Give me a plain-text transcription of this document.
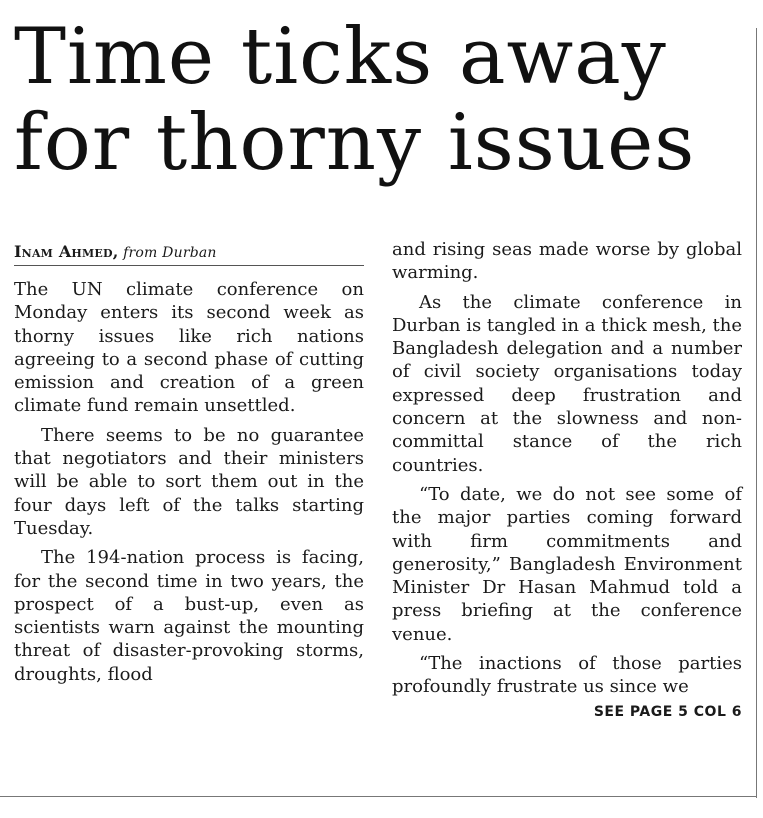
Time ticks away
for thorny issues
Inam Ahmed, from Durban

The UN climate conference on Monday enters its second week as thorny issues like rich nations agreeing to a second phase of cutting emission and creation of a green climate fund remain unsettled.

There seems to be no guarantee that negotiators and their ministers will be able to sort them out in the four days left of the talks starting Tuesday.

The 194-nation process is facing, for the second time in two years, the prospect of a bust-up, even as scientists warn against the mounting threat of disaster-provoking storms, droughts, flood

and rising seas made worse by global warming.

As the climate conference in Durban is tangled in a thick mesh, the Bangladesh delegation and a number of civil society organisations today expressed deep frustration and concern at the slowness and non-committal stance of the rich countries.

“To date, we do not see some of the major parties coming forward with firm commitments and generosity,” Bangladesh Environment Minister Dr Hasan Mahmud told a press briefing at the conference venue.

“The inactions of those parties profoundly frustrate us since we

SEE PAGE 5 COL 6
